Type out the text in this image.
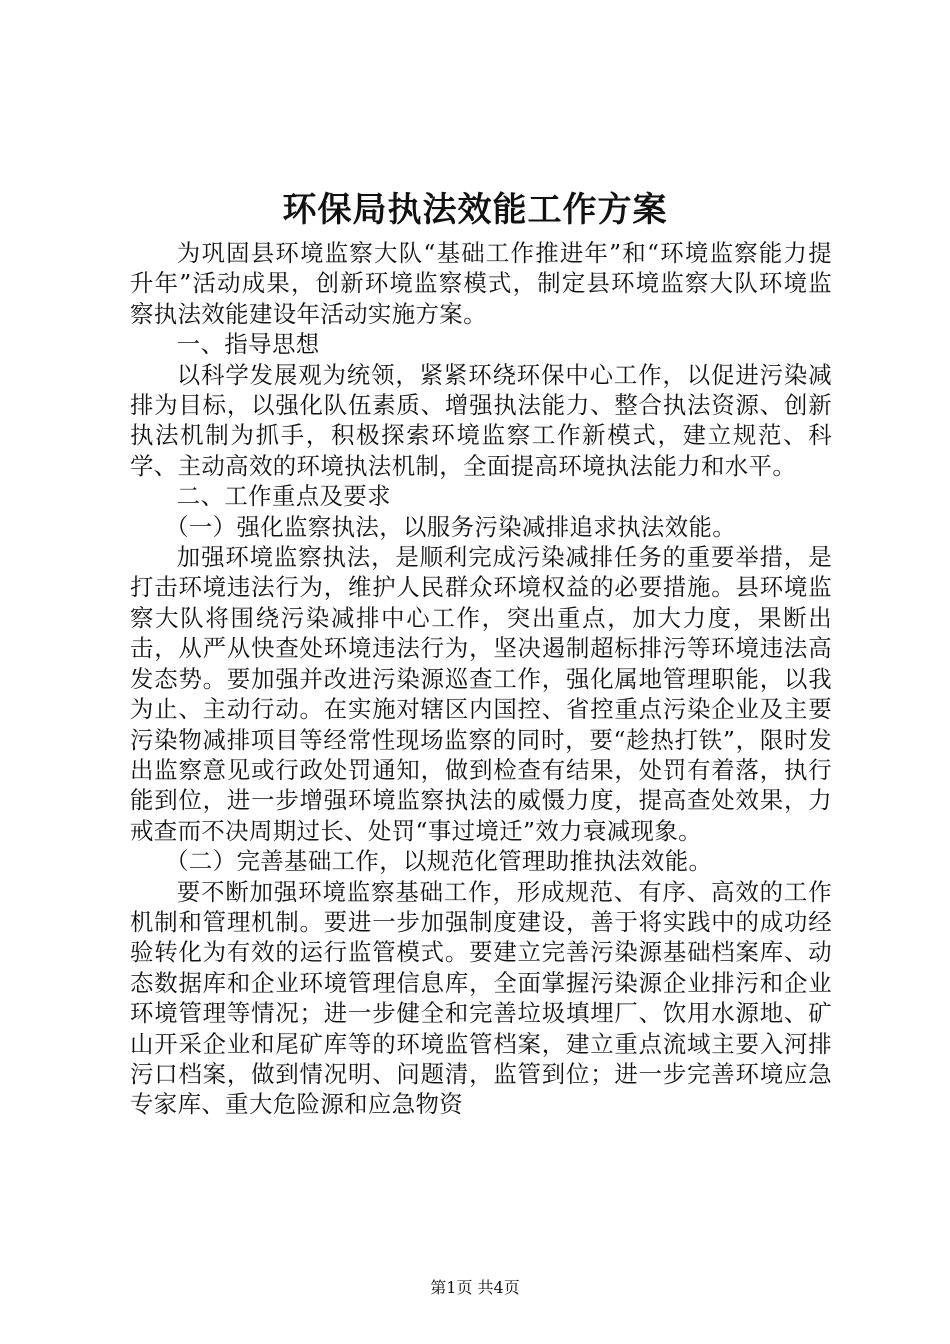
环保局执法效能工作方案

为巩固县环境监察大队“基础工作推进年”和“环境监察能力提升年”活动成果，创新环境监察模式，制定县环境监察大队环境监察执法效能建设年活动实施方案。

一、指导思想

以科学发展观为统领，紧紧环绕环保中心工作，以促进污染减排为目标，以强化队伍素质、增强执法能力、整合执法资源、创新执法机制为抓手，积极探索环境监察工作新模式，建立规范、科学、主动高效的环境执法机制，全面提高环境执法能力和水平。

二、工作重点及要求

（一）强化监察执法，以服务污染减排追求执法效能。

加强环境监察执法，是顺利完成污染减排任务的重要举措，是打击环境违法行为，维护人民群众环境权益的必要措施。县环境监察大队将围绕污染减排中心工作，突出重点，加大力度，果断出击，从严从快查处环境违法行为，坚决遏制超标排污等环境违法高发态势。要加强并改进污染源巡查工作，强化属地管理职能，以我为止、主动行动。在实施对辖区内国控、省控重点污染企业及主要污染物减排项目等经常性现场监察的同时，要“趁热打铁”，限时发出监察意见或行政处罚通知，做到检查有结果，处罚有着落，执行能到位，进一步增强环境监察执法的威慑力度，提高查处效果，力戒查而不决周期过长、处罚“事过境迁”效力衰减现象。

（二）完善基础工作，以规范化管理助推执法效能。

要不断加强环境监察基础工作，形成规范、有序、高效的工作机制和管理机制。要进一步加强制度建设，善于将实践中的成功经验转化为有效的运行监管模式。要建立完善污染源基础档案库、动态数据库和企业环境管理信息库，全面掌握污染源企业排污和企业环境管理等情况；进一步健全和完善垃圾填埋厂、饮用水源地、矿山开采企业和尾矿库等的环境监管档案，建立重点流域主要入河排污口档案，做到情况明、问题清，监管到位；进一步完善环境应急专家库、重大危险源和应急物资

第1页 共4页
